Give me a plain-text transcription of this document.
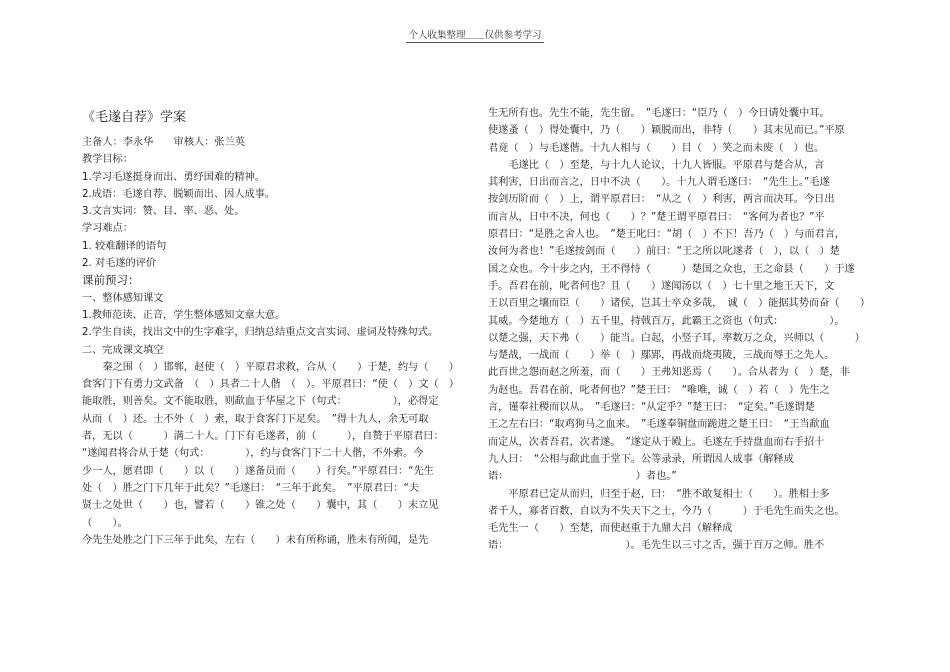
个人收集整理＿＿仅供参考学习

《毛遂自荐》学案

主备人：李永华　　审核人：张兰英

教学目标：

1.学习毛遂挺身而出、勇纾国难的精神。

2.成语：毛遂自荐、脱颖而出、因人成事。

3.文言实词：赞、目、率、恶、处。

学习难点：

1. 较难翻译的语句

2. 对毛遂的评价

课前预习：

一、整体感知课文

1.教师范读、正音，学生整体感知文章大意。

2.学生自读，找出文中的生字难字，归纳总结重点文言实词、虚词及特殊句式。

二、完成课文填空

秦之围（　）邯郸，赵使（　）平原君求救，合从（　　）于楚，约与（　　）

食客门下有勇力文武备　（　）具者二十人偕　（　）。平原君曰：“使（　）文（　）

能取胜，则善矣。文不能取胜，则歃血于华屋之下（句式：　　　　　），必得定

从而（　）还。士不外（　）索，取于食客门下足矣。　”得十九人，余无可取

者，无以（　　　）满二十人。门下有毛遂者，前（　　　），自赞于平原君曰：

“遂闻君将合从于楚（句式：　　　　），约与食客门下二十人偕，不外索。今

少一人，愿君即（　　）以（　　）遂备员而（　　）行矣。”平原君曰：“先生

处（　）胜之门下几年于此矣？”毛遂曰：　“三年于此矣。　”平原君曰：“夫

贤士之处世（　　）也，譬若（　　）锥之处（　　）囊中，其（　　）末立见（　　）。

今先生处胜之门下三年于此矣，左右（　　）未有所称诵，胜未有所闻，是先

生无所有也。先生不能，先生留。　”毛遂曰：“臣乃（　）今日请处囊中耳。

使遂蚤（　）得处囊中，乃（　　）颖脱而出，非特（　　）其末见而已。”平原

君竟（　）与毛遂偕。十九人相与（　　）目（　）笑之而未废（　）也。

毛遂比（　）至楚，与十九人论议，十九人皆服。平原君与楚合从，言

其利害，日出而言之，日中不决（　　）。十九人谓毛遂曰：　“先生上。”毛遂

按剑历阶而（　）上，谓平原君曰：　“从之（　）利害，两言而决耳。今日出

而言从，日中不决，何也（　　）？”楚王谓平原君曰：　“客何为者也？”平

原君曰：“是胜之舍人也。　”楚王叱曰：“胡（　）不下！吾乃（　）与而君言，

汝何为者也！”毛遂按剑而（　　）前曰：“王之所以叱遂者（　），以（　）楚

国之众也。今十步之内，王不得恃（　　　）楚国之众也，王之命县（　　）于遂

手。吾君在前，叱者何也？且（　　）遂闻汤以（　）七十里之地王天下，文

王以百里之壤而臣（　　）诸侯，岂其士卒众多哉，　诚（　）能据其势而奋（　　）

其威。今楚地方（　）五千里，持戟百万，此霸王之资也（句式：　　　　　）。

以楚之强，天下弗（　　）能当。白起，小竖子耳，率数万之众，兴师以（　　　）

与楚战，一战而（　　）举（　）鄢郢，再战而烧夷陵，三战而辱王之先人。

此百世之怨而赵之所羞，而（　　）王弗知恶焉（　　）。合从者为（　）楚，非

为赵也。吾君在前，叱者何也？”楚王曰：　“唯唯，诚（　）若（　）先生之

言，谨奉社稷而以从。　”毛遂曰：“从定乎？”楚王曰：　“定矣。”毛遂谓楚

王之左右曰：“取鸡狗马之血来。　”毛遂奉铜盘而跪进之楚王曰：　“王当歃血

而定从，次者吾君，次者遂。　”遂定从于殿上。毛遂左手持盘血而右手招十

九人曰：　“公相与歃此血于堂下。公等录录，所谓因人成事（解释成

语：　　　　　　　　　　　　　）者也。”

平原君已定从而归，归至于赵，曰：　“胜不敢复相士（　　）。胜相士多

者千人，寡者百数，自以为不失天下之士，今乃（　　　）于毛先生而失之也。

毛先生一（　　）至楚，而使赵重于九鼎大吕（解释成

语：　　　　　　　　　　　　）。毛先生以三寸之舌，强于百万之师。胜不
